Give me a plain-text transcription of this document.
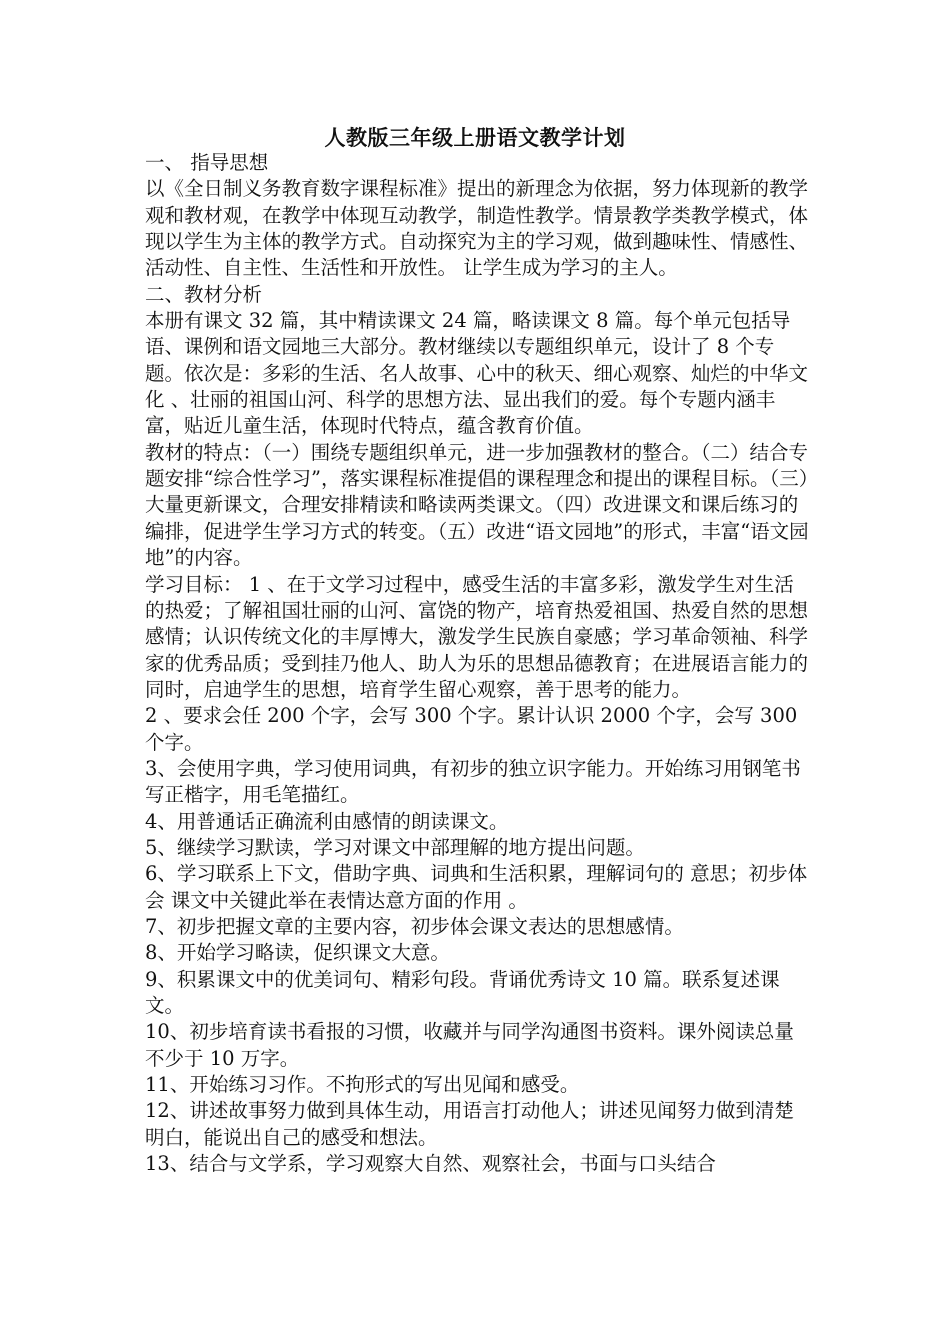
人教版三年级上册语文教学计划

一、 指导思想

以《全日制义务教育数字课程标准》提出的新理念为依据，努力体现新的教学观和教材观，在教学中体现互动教学，制造性教学。情景教学类教学模式，体现以学生为主体的教学方式。自动探究为主的学习观，做到趣味性、情感性、活动性、自主性、生活性和开放性。 让学生成为学习的主人。

二、教材分析

本册有课文 32 篇，其中精读课文 24 篇，略读课文 8 篇。每个单元包括导语、课例和语文园地三大部分。教材继续以专题组织单元，设计了 8 个专题。依次是：多彩的生活、名人故事、心中的秋天、细心观察、灿烂的中华文化 、壮丽的祖国山河、科学的思想方法、显出我们的爱。每个专题内涵丰富，贴近儿童生活，体现时代特点，蕴含教育价值。

教材的特点：（一）围绕专题组织单元，进一步加强教材的整合。（二）结合专题安排“综合性学习”，落实课程标准提倡的课程理念和提出的课程目标。（三）大量更新课文，合理安排精读和略读两类课文。（四）改进课文和课后练习的编排，促进学生学习方式的转变。（五）改进“语文园地”的形式，丰富“语文园地”的内容。

学习目标： 1 、在于文学习过程中，感受生活的丰富多彩，激发学生对生活的热爱；了解祖国壮丽的山河、富饶的物产，培育热爱祖国、热爱自然的思想感情；认识传统文化的丰厚博大，激发学生民族自豪感；学习革命领袖、科学家的优秀品质；受到挂乃他人、助人为乐的思想品德教育；在进展语言能力的同时，启迪学生的思想，培育学生留心观察，善于思考的能力。

2 、要求会任 200 个字，会写 300 个字。累计认识 2000 个字，会写 300 个字。

3、会使用字典，学习使用词典，有初步的独立识字能力。开始练习用钢笔书写正楷字，用毛笔描红。

4、用普通话正确流利由感情的朗读课文。

5、继续学习默读，学习对课文中部理解的地方提出问题。

6、学习联系上下文，借助字典、词典和生活积累，理解词句的 意思；初步体会 课文中关键此举在表情达意方面的作用 。

7、初步把握文章的主要内容，初步体会课文表达的思想感情。

8、开始学习略读，促织课文大意。

9、积累课文中的优美词句、精彩句段。背诵优秀诗文 10 篇。联系复述课文。

10、初步培育读书看报的习惯，收藏并与同学沟通图书资料。课外阅读总量不少于 10 万字。

11、开始练习习作。不拘形式的写出见闻和感受。

12、讲述故事努力做到具体生动，用语言打动他人；讲述见闻努力做到清楚明白，能说出自己的感受和想法。

13、结合与文学系，学习观察大自然、观察社会，书面与口头结合
